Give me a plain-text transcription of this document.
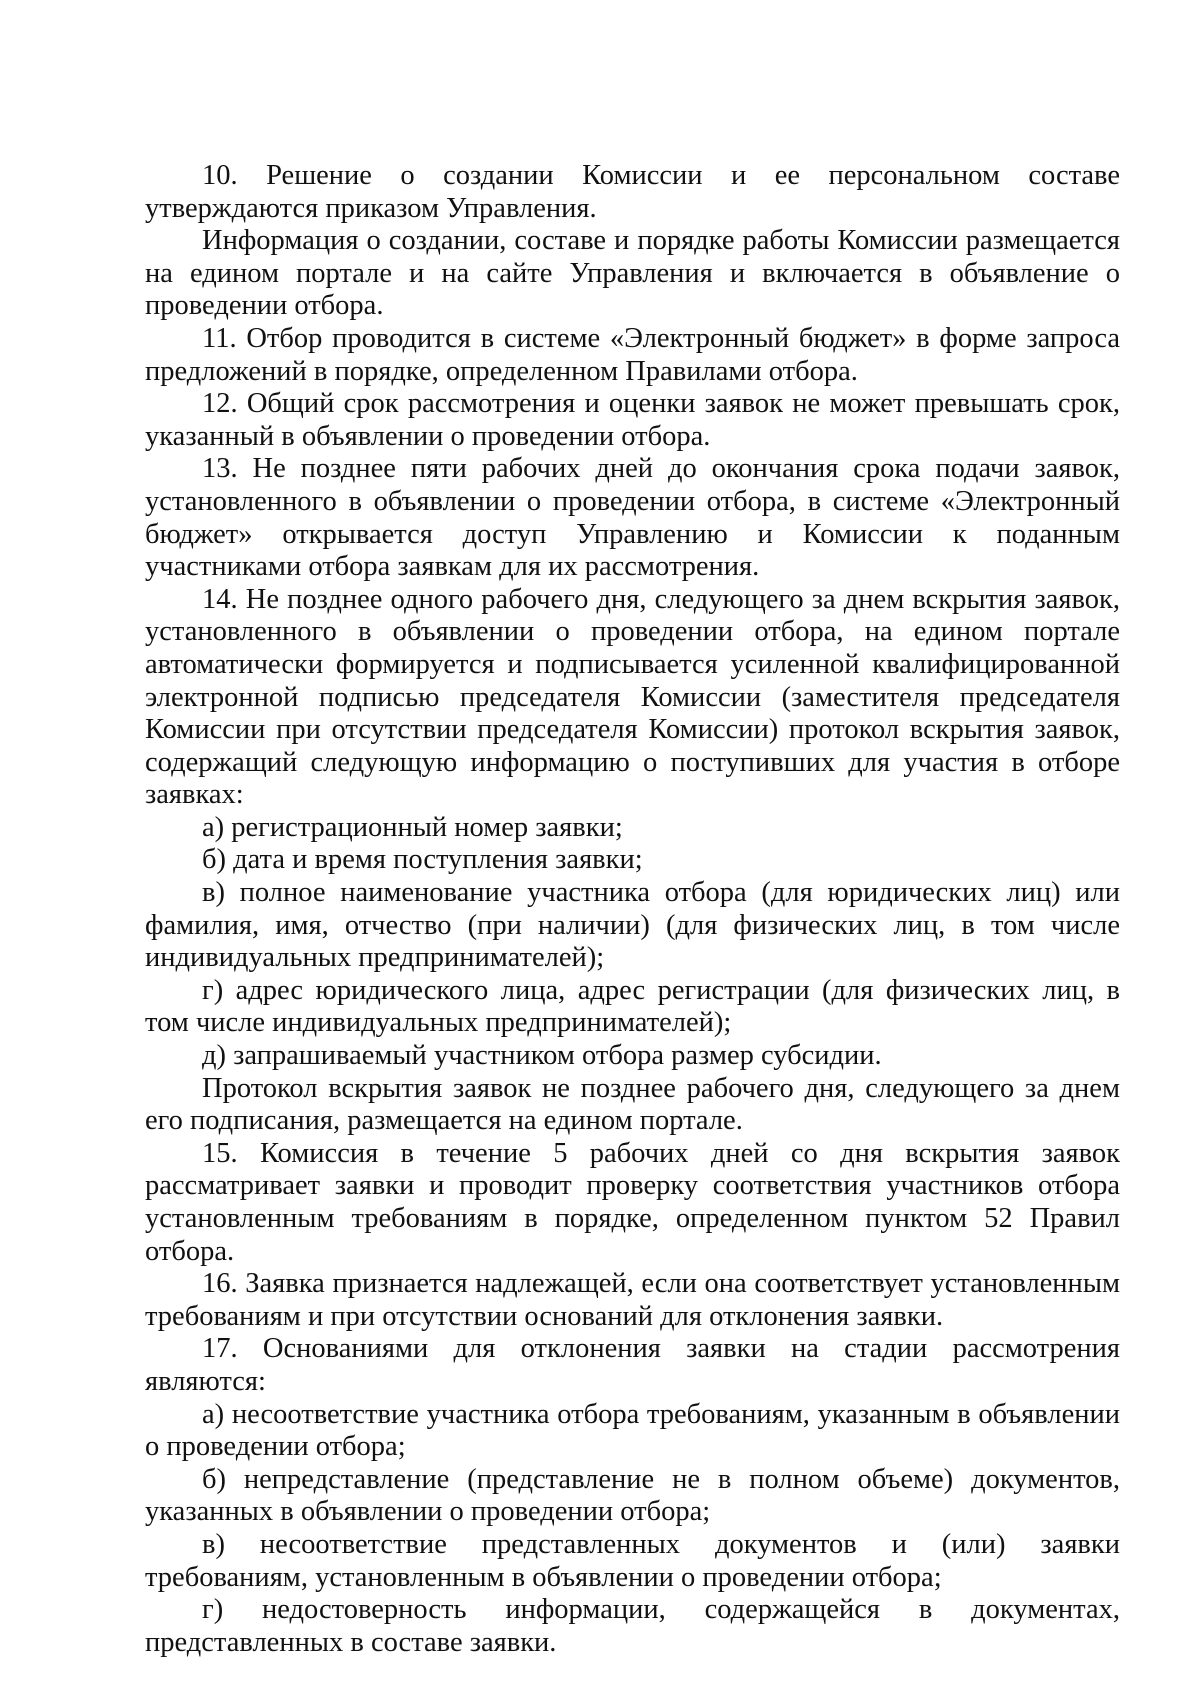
10. Решение о создании Комиссии и ее персональном составе утверждаются приказом Управления.

Информация о создании, составе и порядке работы Комиссии размещается на едином портале и на сайте Управления и включается в объявление о проведении отбора.

11. Отбор проводится в системе «Электронный бюджет» в форме запроса предложений в порядке, определенном Правилами отбора.

12. Общий срок рассмотрения и оценки заявок не может превышать срок, указанный в объявлении о проведении отбора.

13. Не позднее пяти рабочих дней до окончания срока подачи заявок, установленного в объявлении о проведении отбора, в системе «Электронный бюджет» открывается доступ Управлению и Комиссии к поданным участниками отбора заявкам для их рассмотрения.

14. Не позднее одного рабочего дня, следующего за днем вскрытия заявок, установленного в объявлении о проведении отбора, на едином портале автоматически формируется и подписывается усиленной квалифицированной электронной подписью председателя Комиссии (заместителя председателя Комиссии при отсутствии председателя Комиссии) протокол вскрытия заявок, содержащий следующую информацию о поступивших для участия в отборе заявках:

а) регистрационный номер заявки;

б) дата и время поступления заявки;

в) полное наименование участника отбора (для юридических лиц) или фамилия, имя, отчество (при наличии) (для физических лиц, в том числе индивидуальных предпринимателей);

г) адрес юридического лица, адрес регистрации (для физических лиц, в том числе индивидуальных предпринимателей);

д) запрашиваемый участником отбора размер субсидии.

Протокол вскрытия заявок не позднее рабочего дня, следующего за днем его подписания, размещается на едином портале.

15. Комиссия в течение 5 рабочих дней со дня вскрытия заявок рассматривает заявки и проводит проверку соответствия участников отбора установленным требованиям в порядке, определенном пунктом 52 Правил отбора.

16. Заявка признается надлежащей, если она соответствует установленным требованиям и при отсутствии оснований для отклонения заявки.

17. Основаниями для отклонения заявки на стадии рассмотрения являются:

а) несоответствие участника отбора требованиям, указанным в объявлении о проведении отбора;

б) непредставление (представление не в полном объеме) документов, указанных в объявлении о проведении отбора;

в) несоответствие представленных документов и (или) заявки требованиям, установленным в объявлении о проведении отбора;

г) недостоверность информации, содержащейся в документах, представленных в составе заявки.
